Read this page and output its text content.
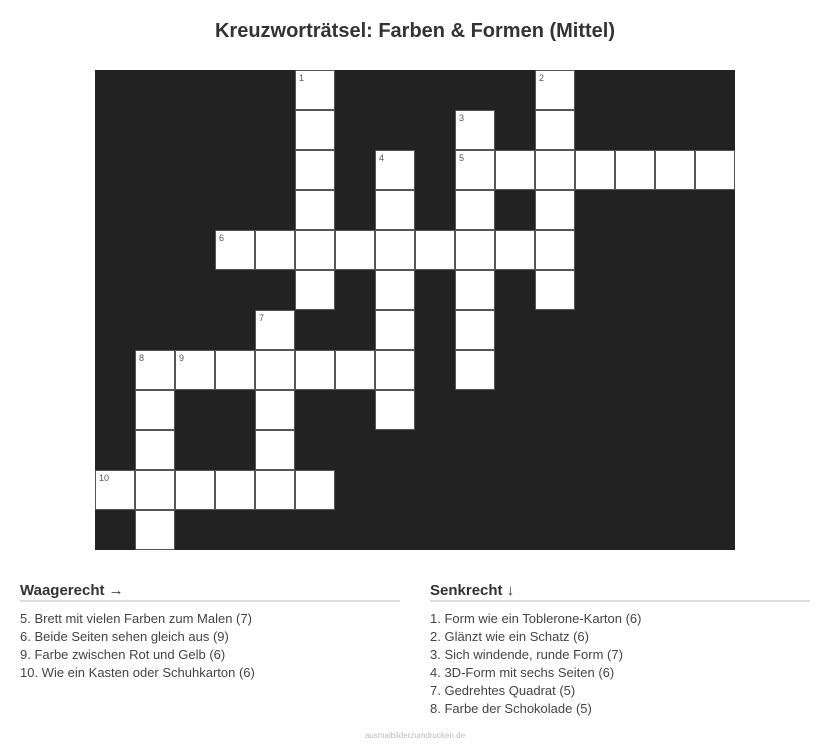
Kreuzworträtsel: Farben & Formen (Mittel)
1	2
3
4	5
6
7
8	9
10
Waagerecht →
5. Brett mit vielen Farben zum Malen (7)
6. Beide Seiten sehen gleich aus (9)
9. Farbe zwischen Rot und Gelb (6)
10. Wie ein Kasten oder Schuhkarton (6)
Senkrecht ↓
1. Form wie ein Toblerone-Karton (6)
2. Glänzt wie ein Schatz (6)
3. Sich windende, runde Form (7)
4. 3D-Form mit sechs Seiten (6)
7. Gedrehtes Quadrat (5)
8. Farbe der Schokolade (5)
ausmalbilderzumdrucken.de
